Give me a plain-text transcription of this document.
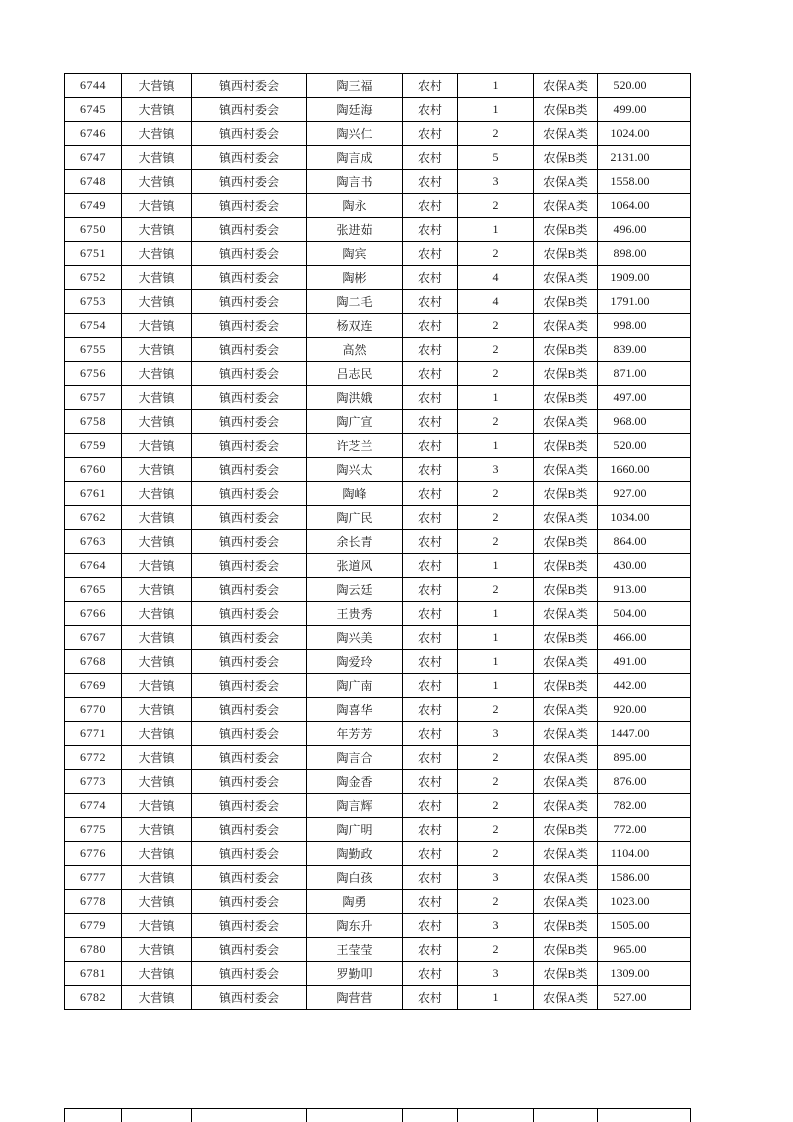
6744	大营镇	镇西村委会	陶三福	农村	1	农保A类	520.00
6745	大营镇	镇西村委会	陶廷海	农村	1	农保B类	499.00
6746	大营镇	镇西村委会	陶兴仁	农村	2	农保A类	1024.00
6747	大营镇	镇西村委会	陶言成	农村	5	农保B类	2131.00
6748	大营镇	镇西村委会	陶言书	农村	3	农保A类	1558.00
6749	大营镇	镇西村委会	陶永	农村	2	农保A类	1064.00
6750	大营镇	镇西村委会	张进茹	农村	1	农保B类	496.00
6751	大营镇	镇西村委会	陶宾	农村	2	农保B类	898.00
6752	大营镇	镇西村委会	陶彬	农村	4	农保A类	1909.00
6753	大营镇	镇西村委会	陶二毛	农村	4	农保B类	1791.00
6754	大营镇	镇西村委会	杨双连	农村	2	农保A类	998.00
6755	大营镇	镇西村委会	高然	农村	2	农保B类	839.00
6756	大营镇	镇西村委会	吕志民	农村	2	农保B类	871.00
6757	大营镇	镇西村委会	陶洪娥	农村	1	农保B类	497.00
6758	大营镇	镇西村委会	陶广宣	农村	2	农保A类	968.00
6759	大营镇	镇西村委会	许芝兰	农村	1	农保B类	520.00
6760	大营镇	镇西村委会	陶兴太	农村	3	农保A类	1660.00
6761	大营镇	镇西村委会	陶峰	农村	2	农保B类	927.00
6762	大营镇	镇西村委会	陶广民	农村	2	农保A类	1034.00
6763	大营镇	镇西村委会	余长青	农村	2	农保B类	864.00
6764	大营镇	镇西村委会	张道风	农村	1	农保B类	430.00
6765	大营镇	镇西村委会	陶云廷	农村	2	农保B类	913.00
6766	大营镇	镇西村委会	王贵秀	农村	1	农保A类	504.00
6767	大营镇	镇西村委会	陶兴美	农村	1	农保B类	466.00
6768	大营镇	镇西村委会	陶爱玲	农村	1	农保A类	491.00
6769	大营镇	镇西村委会	陶广南	农村	1	农保B类	442.00
6770	大营镇	镇西村委会	陶喜华	农村	2	农保A类	920.00
6771	大营镇	镇西村委会	年芳芳	农村	3	农保A类	1447.00
6772	大营镇	镇西村委会	陶言合	农村	2	农保A类	895.00
6773	大营镇	镇西村委会	陶金香	农村	2	农保A类	876.00
6774	大营镇	镇西村委会	陶言辉	农村	2	农保A类	782.00
6775	大营镇	镇西村委会	陶广明	农村	2	农保B类	772.00
6776	大营镇	镇西村委会	陶勤政	农村	2	农保A类	1104.00
6777	大营镇	镇西村委会	陶白孩	农村	3	农保A类	1586.00
6778	大营镇	镇西村委会	陶勇	农村	2	农保A类	1023.00
6779	大营镇	镇西村委会	陶东升	农村	3	农保B类	1505.00
6780	大营镇	镇西村委会	王莹莹	农村	2	农保B类	965.00
6781	大营镇	镇西村委会	罗勤叩	农村	3	农保B类	1309.00
6782	大营镇	镇西村委会	陶营营	农村	1	农保A类	527.00
